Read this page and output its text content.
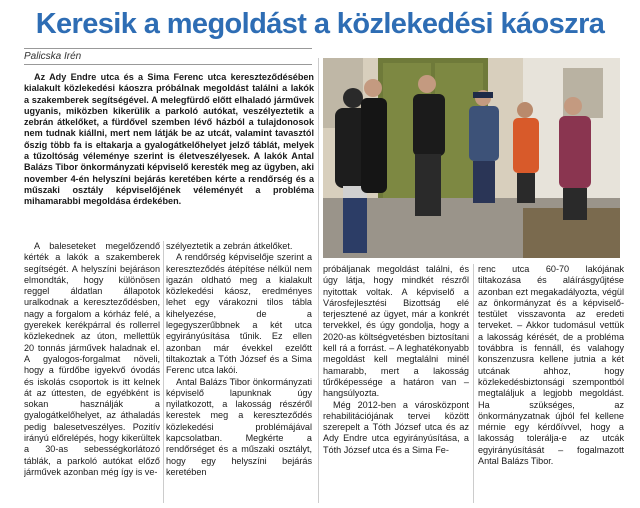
Keresik a megoldást a közlekedési káoszra
Palicska Irén

Az Ady Endre utca és a Sima Ferenc utca kereszteződésében kialakult közlekedési káoszra próbálnak megoldást találni a lakók a szakemberek segítségével. A melegfürdő előtt elhaladó járművek ugyanis, miközben kikerülik a parkoló autókat, veszélyeztetik a zebrán átkelőket, a fürdővel szemben lévő házból a tulajdonosok nem tudnak kiállni, mert nem látják be az utcát, valamint tavasztól őszig több fa is eltakarja a gyalogátkelőhelyet jelző táblát, melyek a tűzoltóság véleménye szerint is életveszélyesek. A lakók Antal Balázs Tibor önkormányzati képviselő keresték meg az ügyben, aki november 4-én helyszíni bejárás keretében kérte a rendőrség és a műszaki osztály képviselőjének véleményét a probléma mihamarabbi megoldása érdekében.

A baleseteket megelőzendő kérték a lakók a szakemberek segítségét. A helyszíni bejáráson elmondták, hogy különösen reggel áldatlan állapotok uralkodnak a kereszteződésben, nagy a forgalom a kórház felé, a gyerekek kerékpárral és rollerrel közlekednek az úton, mellettük 20 tonnás járművek haladnak el. A gyalogos-forgalmat növeli, hogy a fürdőbe igyekvő óvodás és iskolás csoportok is itt kelnek át az úttesten, de egyébként is sokan használják a gyalogátkelőhelyet, az áthaladás pedig balesetveszélyes. Pozitív irányú előrelépés, hogy kikerültek a 30-as sebességkorlátozó táblák, a parkoló autókat előző járművek azonban még így is ve-

szélyeztetik a zebrán átkelőket.

A rendőrség képviselője szerint a kereszteződés átépítése nélkül nem igazán oldható meg a kialakult közlekedési káosz, eredményes lehet egy várakozni tilos tábla kihelyezése, de a legegyszerűbbnek a két utca egyirányúsítása tűnik. Ez ellen azonban már évekkel ezelőtt tiltakoztak a Tóth József és a Sima Ferenc utca lakói.

Antal Balázs Tibor önkormányzati képviselő lapunknak úgy nyilatkozott, a lakosság részéről kerestek meg a kereszteződés közlekedési problémájával kapcsolatban. Megkérte a rendőrséget és a műszaki osztályt, hogy egy helyszíni bejárás keretében

próbáljanak megoldást találni, és úgy látja, hogy mindkét részről nyitottak voltak. A képviselő a Városfejlesztési Bizottság elé terjesztené az ügyet, már a konkrét tervekkel, és úgy gondolja, hogy a 2020-as költségvetésben biztosítani kell rá a forrást. – A leghatékonyabb megoldást kell megtalálni minél hamarabb, mert a lakosság tűrőképessége a határon van – hangsúlyozta.

Még 2012-ben a városközpont rehabilitációjának tervei között szerepelt a Tóth József utca és az Ady Endre utca egyirányúsítása, a Tóth József utca és a Sima Fe-

renc utca 60-70 lakójának tiltakozása és aláírásgyűjtése azonban ezt megakadályozta, végül az önkormányzat és a képviselő-testület visszavonta az eredeti terveket. – Akkor tudomásul vettük a lakosság kérését, de a probléma továbbra is fennáll, és valahogy konszenzusra kellene jutnia a két utcának ahhoz, hogy közlekedésbiztonsági szempontból megtaláljuk a legjobb megoldást. Ha szükséges, az önkormányzatnak újból fel kellene mérnie egy kérdőívvel, hogy a lakosság tolerálja-e az utcák egyirányúsítását – fogalmazott Antal Balázs Tibor.
